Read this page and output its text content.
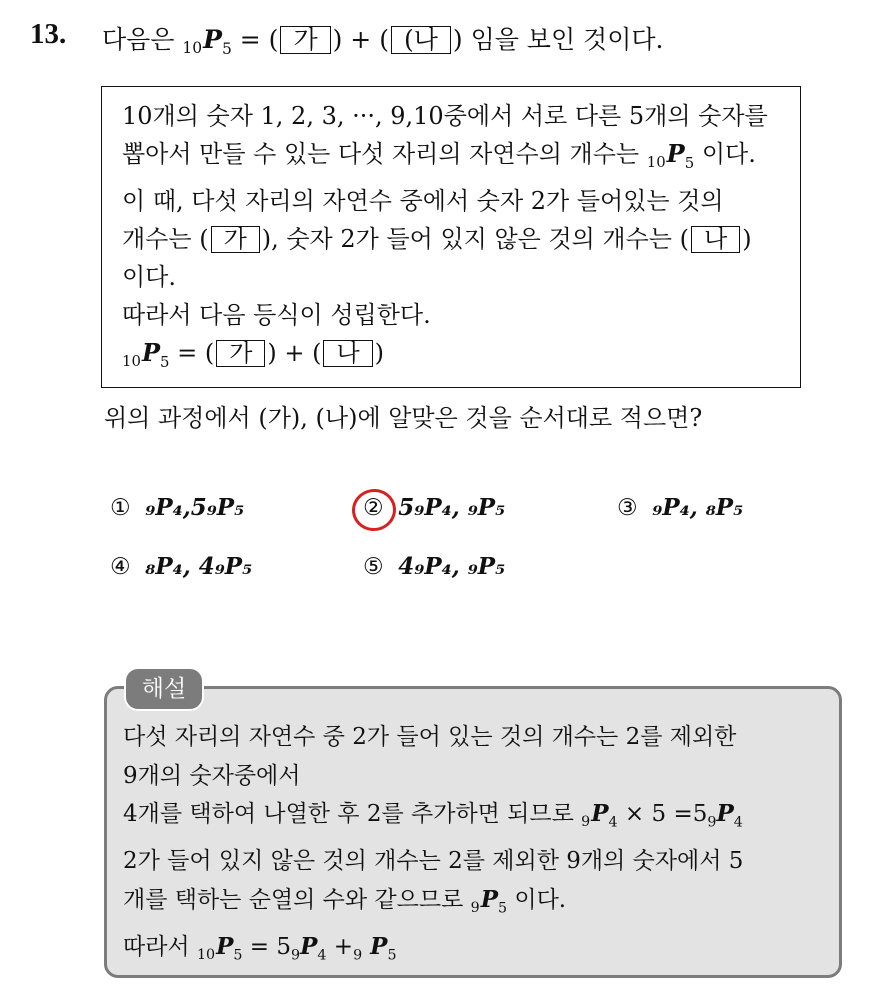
13. 다음은 $_{10}P_5$ = ( 가 ) + ( (나 ) 임을 보인 것이다.
10개의 숫자 1, 2, 3, ···, 9,10중에서 서로 다른 5개의 숫자를
뽑아서 만들 수 있는 다섯 자리의 자연수의 개수는 $_{10}P_5$ 이다.
이 때, 다섯 자리의 자연수 중에서 숫자 2가 들어있는 것의
개수는 ( 가 ), 숫자 2가 들어 있지 않은 것의 개수는 ( 나 )
이다.
따라서 다음 등식이 성립한다.
$_{10}P_5$ = ( 가 ) + ( 나 )
위의 과정에서 (가), (나)에 알맞은 것을 순서대로 적으면?
① ₉P₄,5₉P₅	② 5₉P₄, ₉P₅	③ ₉P₄, ₈P₅
④ ₈P₄, 4₉P₅	⑤ 4₉P₄, ₉P₅
해설
다섯 자리의 자연수 중 2가 들어 있는 것의 개수는 2를 제외한
9개의 숫자중에서
4개를 택하여 나열한 후 2를 추가하면 되므로 $_9P_4 \times 5 =5_9P_4$
2가 들어 있지 않은 것의 개수는 2를 제외한 9개의 숫자에서 5
개를 택하는 순열의 수와 같으므로 $_9P_5$ 이다.
따라서 $_{10}P_5 = 5_9P_4 +_9$ $P_5$
